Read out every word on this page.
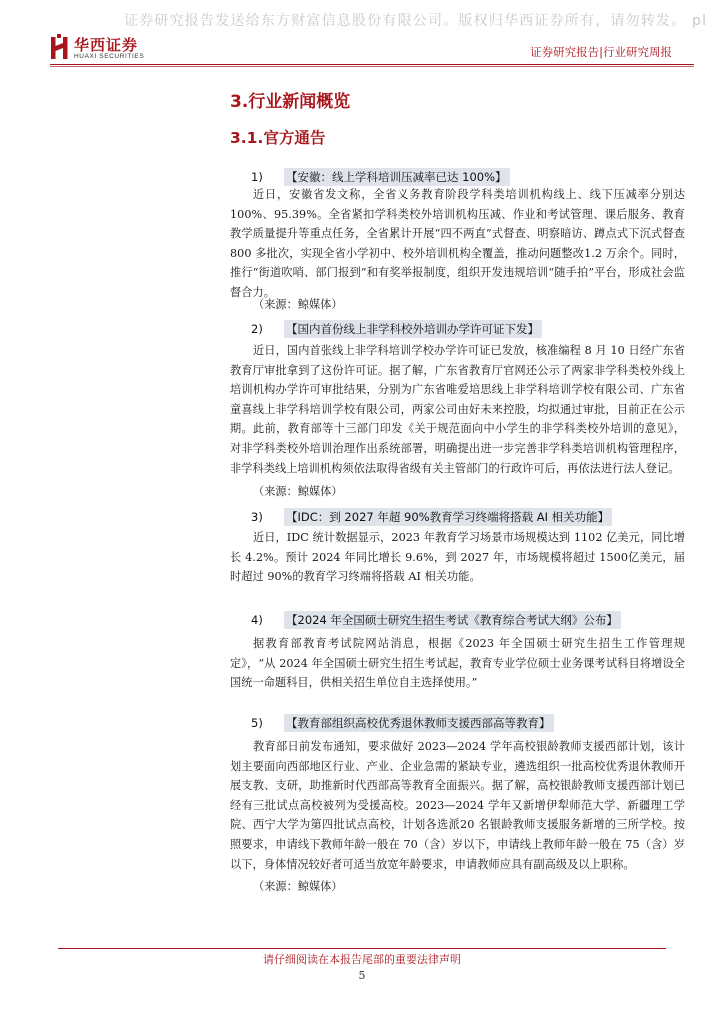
证券研究报告发送给东方财富信息股份有限公司。版权归华西证券所有，请勿转发。 pl
华西证券
HUAXI SECURITIES	证券研究报告|行业研究周报
3.行业新闻概览
3.1.官方通告
1) 【安徽：线上学科培训压减率已达 100%】
近日，安徽省发文称，全省义务教育阶段学科类培训机构线上、线下压减率分别达 100%、95.39%。全省紧扣学科类校外培训机构压减、作业和考试管理、课后服务、教育教学质量提升等重点任务，全省累计开展“四不两直”式督查、明察暗访、蹲点式下沉式督查 800 多批次，实现全省小学初中、校外培训机构全覆盖，推动问题整改1.2 万余个。同时，推行“街道吹哨、部门报到”和有奖举报制度，组织开发违规培训“随手拍”平台，形成社会监督合力。
（来源：鲸媒体）
2) 【国内首份线上非学科校外培训办学许可证下发】
近日，国内首张线上非学科培训学校办学许可证已发放，核准编程 8 月 10 日经广东省教育厅审批拿到了这份许可证。据了解，广东省教育厅官网还公示了两家非学科类校外线上培训机构办学许可审批结果，分别为广东省唯爱培思线上非学科培训学校有限公司、广东省童喜线上非学科培训学校有限公司，两家公司由好未来控股，均拟通过审批，目前正在公示期。此前，教育部等十三部门印发《关于规范面向中小学生的非学科类校外培训的意见》，对非学科类校外培训治理作出系统部署，明确提出进一步完善非学科类培训机构管理程序，非学科类线上培训机构须依法取得省级有关主管部门的行政许可后，再依法进行法人登记。
（来源：鲸媒体）
3) 【IDC：到 2027 年超 90%教育学习终端将搭载 AI 相关功能】
近日，IDC 统计数据显示，2023 年教育学习场景市场规模达到 1102 亿美元，同比增长 4.2%。预计 2024 年同比增长 9.6%，到 2027 年，市场规模将超过 1500亿美元，届时超过 90%的教育学习终端将搭载 AI 相关功能。
4) 【2024 年全国硕士研究生招生考试《教育综合考试大纲》公布】
据教育部教育考试院网站消息，根据《2023 年全国硕士研究生招生工作管理规定》，“从 2024 年全国硕士研究生招生考试起，教育专业学位硕士业务课考试科目将增设全国统一命题科目，供相关招生单位自主选择使用。”
5) 【教育部组织高校优秀退休教师支援西部高等教育】
教育部日前发布通知，要求做好 2023—2024 学年高校银龄教师支援西部计划，该计划主要面向西部地区行业、产业、企业急需的紧缺专业，遴选组织一批高校优秀退休教师开展支教、支研，助推新时代西部高等教育全面振兴。据了解，高校银龄教师支援西部计划已经有三批试点高校被列为受援高校。2023—2024 学年又新增伊犁师范大学、新疆理工学院、西宁大学为第四批试点高校，计划各选派20 名银龄教师支援服务新增的三所学校。按照要求，申请线下教师年龄一般在 70（含）岁以下，申请线上教师年龄一般在 75（含）岁以下，身体情况较好者可适当放宽年龄要求，申请教师应具有副高级及以上职称。
（来源：鲸媒体）
请仔细阅读在本报告尾部的重要法律声明
5
